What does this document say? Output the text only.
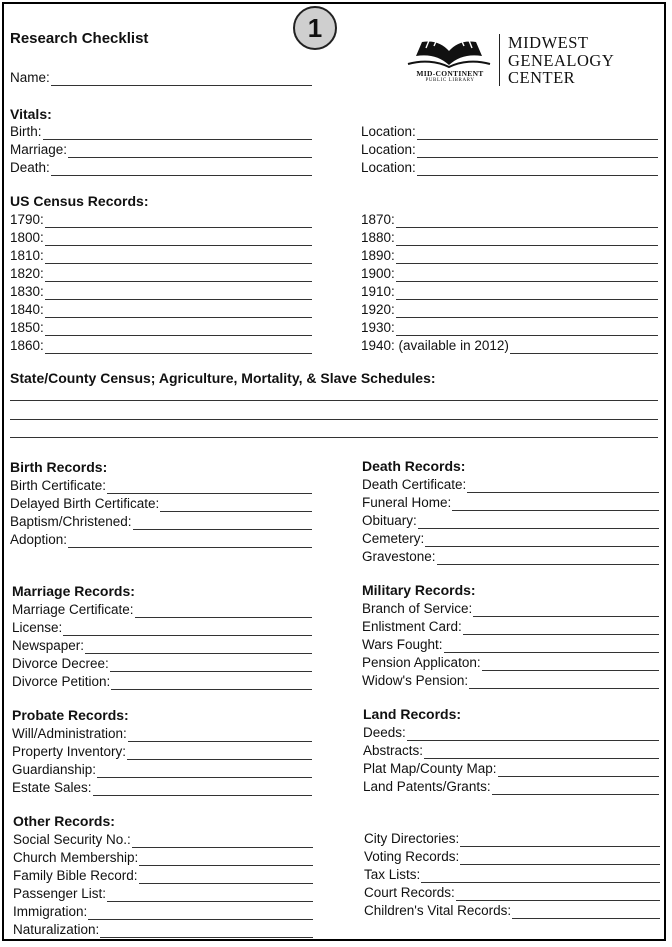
1
Research Checklist
Name:	MID-CONTINENT
PUBLIC LIBRARY
MIDWEST
GENEALOGY
CENTER
Vitals:
Birth:
Marriage:
Death:
Location:
Location:
Location:
US Census Records:
1790:
1800:
1810:
1820:
1830:
1840:
1850:
1860:
1870:
1880:
1890:
1900:
1910:
1920:
1930:
1940: (available in 2012)
State/County Census; Agriculture, Mortality, & Slave Schedules:
Birth Records:
Birth Certificate:
Delayed Birth Certificate:
Baptism/Christened:
Adoption:
Death Records:
Death Certificate:
Funeral Home:
Obituary:
Cemetery:
Gravestone:
Marriage Records:
Marriage Certificate:
License:
Newspaper:
Divorce Decree:
Divorce Petition:
Military Records:
Branch of Service:
Enlistment Card:
Wars Fought:
Pension Applicaton:
Widow's Pension:
Probate Records:
Will/Administration:
Property Inventory:
Guardianship:
Estate Sales:
Land Records:
Deeds:
Abstracts:
Plat Map/County Map:
Land Patents/Grants:
Other Records:
Social Security No.:
Church Membership:
Family Bible Record:
Passenger List:
Immigration:
Naturalization:
City Directories:
Voting Records:
Tax Lists:
Court Records:
Children's Vital Records:
